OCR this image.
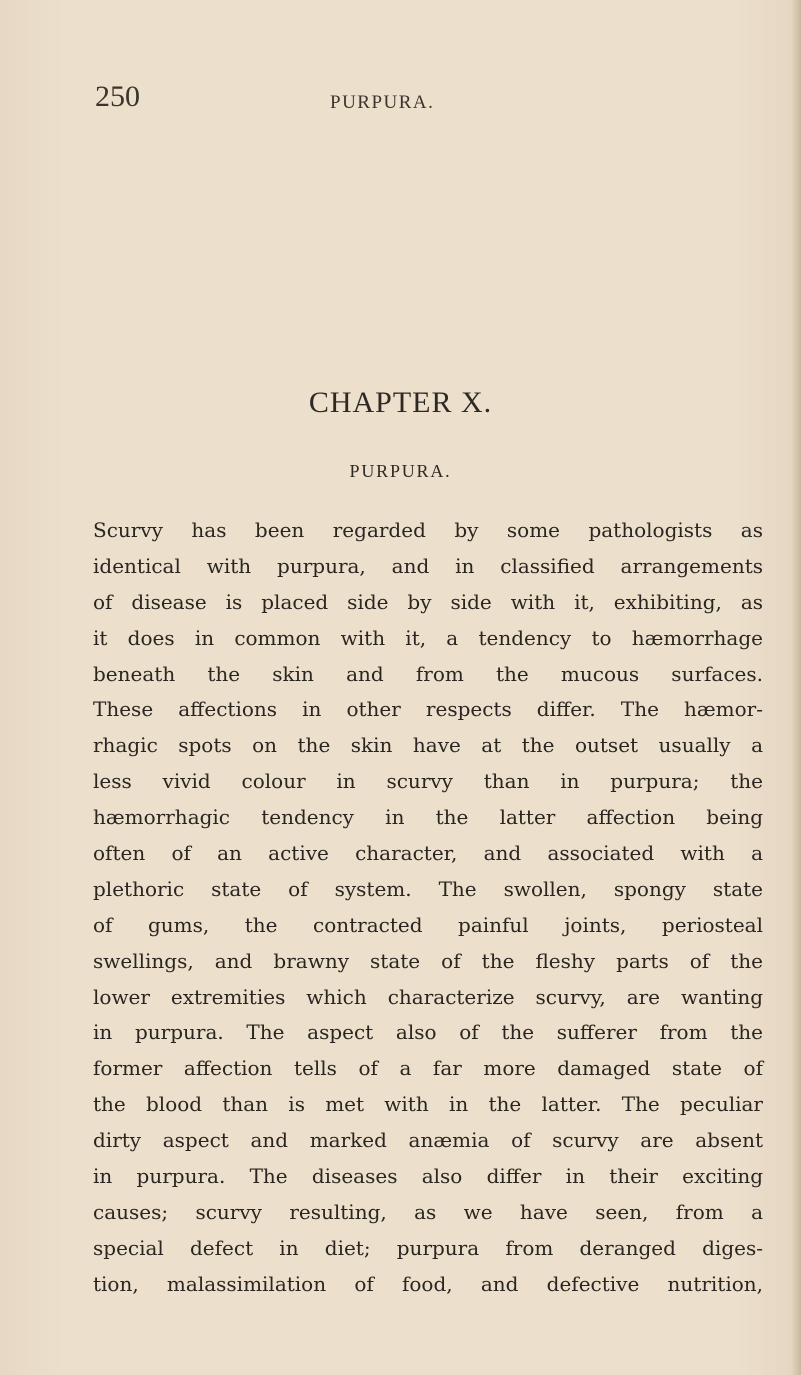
250	PURPURA.

CHAPTER X.
PURPURA.
Scurvy has been regarded by some pathologists as
identical with purpura, and in classified arrangements
of disease is placed side by side with it, exhibiting, as
it does in common with it, a tendency to hæmorrhage
beneath the skin and from the mucous surfaces.
These affections in other respects differ. The hæmor-
rhagic spots on the skin have at the outset usually a
less vivid colour in scurvy than in purpura; the
hæmorrhagic tendency in the latter affection being
often of an active character, and associated with a
plethoric state of system. The swollen, spongy state
of gums, the contracted painful joints, periosteal
swellings, and brawny state of the fleshy parts of the
lower extremities which characterize scurvy, are wanting
in purpura. The aspect also of the sufferer from the
former affection tells of a far more damaged state of
the blood than is met with in the latter. The peculiar
dirty aspect and marked anæmia of scurvy are absent
in purpura. The diseases also differ in their exciting
causes; scurvy resulting, as we have seen, from a
special defect in diet; purpura from deranged diges-
tion, malassimilation of food, and defective nutrition,
